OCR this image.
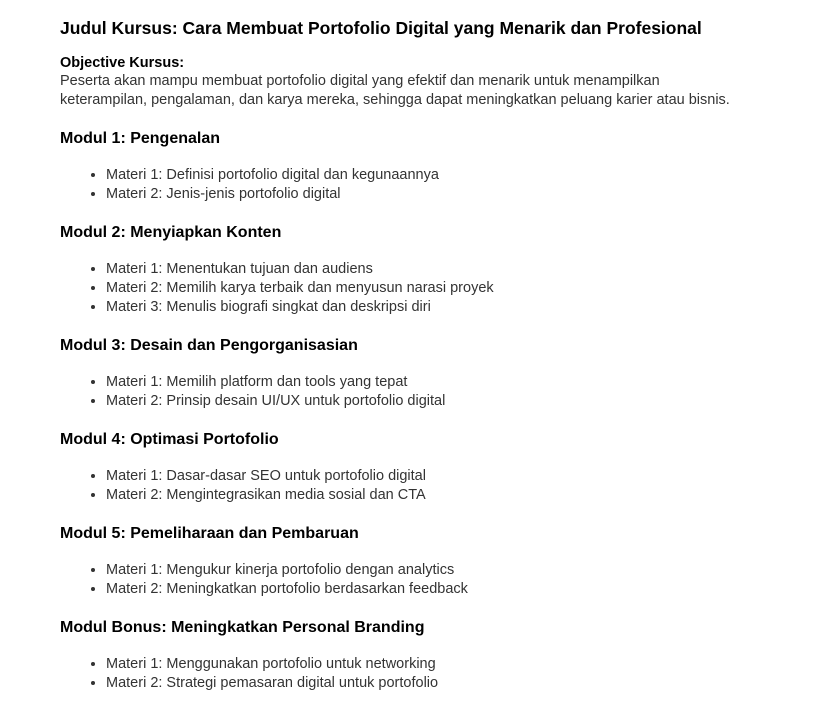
Judul Kursus: Cara Membuat Portofolio Digital yang Menarik dan Profesional
Objective Kursus:

Peserta akan mampu membuat portofolio digital yang efektif dan menarik untuk menampilkan keterampilan, pengalaman, dan karya mereka, sehingga dapat meningkatkan peluang karier atau bisnis.

Modul 1: Pengenalan
• Materi 1: Definisi portofolio digital dan kegunaannya
• Materi 2: Jenis-jenis portofolio digital
Modul 2: Menyiapkan Konten
• Materi 1: Menentukan tujuan dan audiens
• Materi 2: Memilih karya terbaik dan menyusun narasi proyek
• Materi 3: Menulis biografi singkat dan deskripsi diri
Modul 3: Desain dan Pengorganisasian
• Materi 1: Memilih platform dan tools yang tepat
• Materi 2: Prinsip desain UI/UX untuk portofolio digital
Modul 4: Optimasi Portofolio
• Materi 1: Dasar-dasar SEO untuk portofolio digital
• Materi 2: Mengintegrasikan media sosial dan CTA
Modul 5: Pemeliharaan dan Pembaruan
• Materi 1: Mengukur kinerja portofolio dengan analytics
• Materi 2: Meningkatkan portofolio berdasarkan feedback
Modul Bonus: Meningkatkan Personal Branding
• Materi 1: Menggunakan portofolio untuk networking
• Materi 2: Strategi pemasaran digital untuk portofolio
